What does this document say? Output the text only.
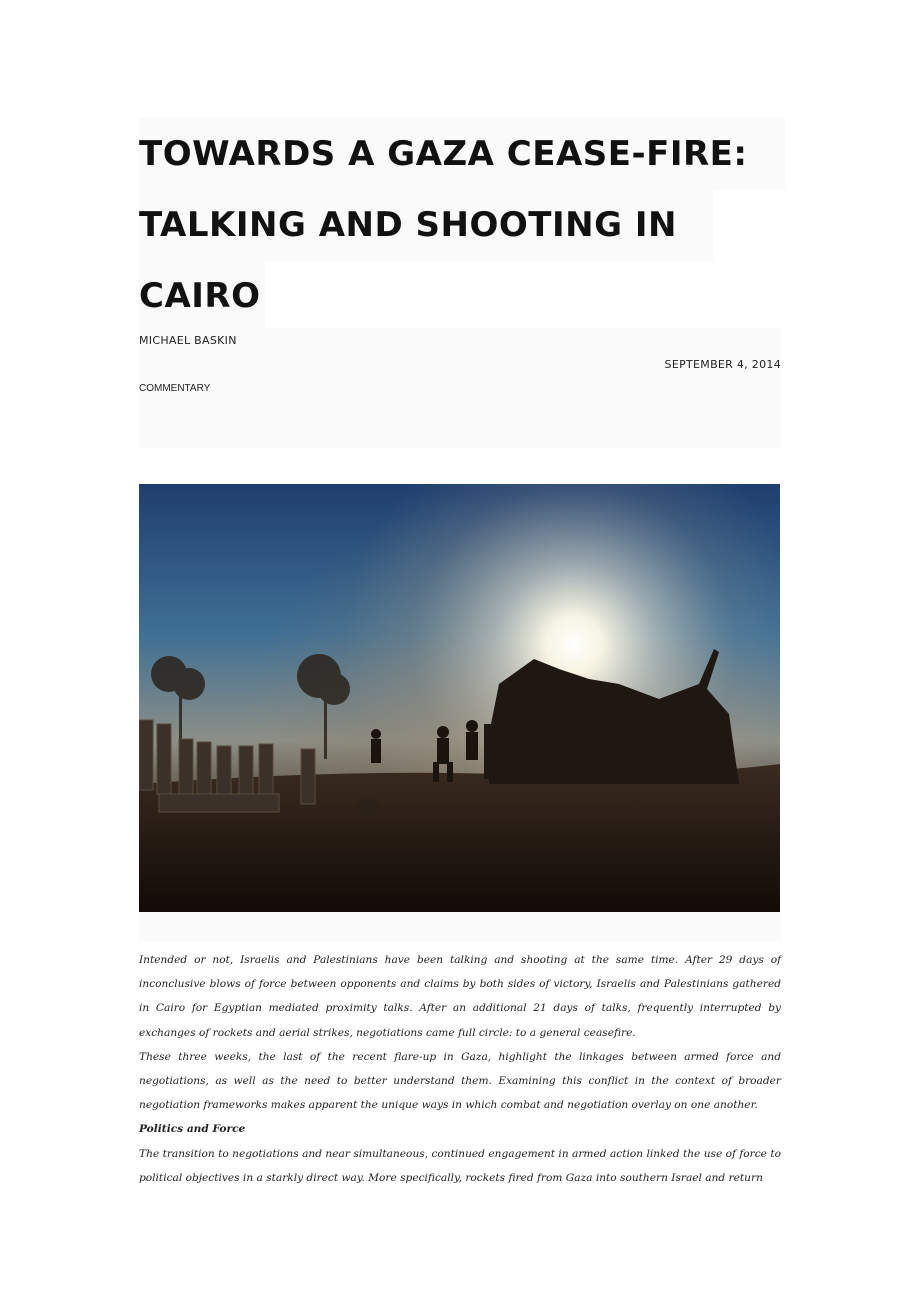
TOWARDS A GAZA CEASE-FIRE:
TALKING AND SHOOTING IN
CAIRO
MICHAEL BASKIN
SEPTEMBER 4, 2014
COMMENTARY

Intended or not, Israelis and Palestinians have been talking and shooting at the same time. After 29 days of inconclusive blows of force between opponents and claims by both sides of victory, Israelis and Palestinians gathered in Cairo for Egyptian mediated proximity talks. After an additional 21 days of talks, frequently interrupted by exchanges of rockets and aerial strikes, negotiations came full circle: to a general ceasefire.

These three weeks, the last of the recent flare-up in Gaza, highlight the linkages between armed force and negotiations, as well as the need to better understand them. Examining this conflict in the context of broader negotiation frameworks makes apparent the unique ways in which combat and negotiation overlay on one another.

Politics and Force

The transition to negotiations and near simultaneous, continued engagement in armed action linked the use of force to political objectives in a starkly direct way. More specifically, rockets fired from Gaza into southern Israel and return
